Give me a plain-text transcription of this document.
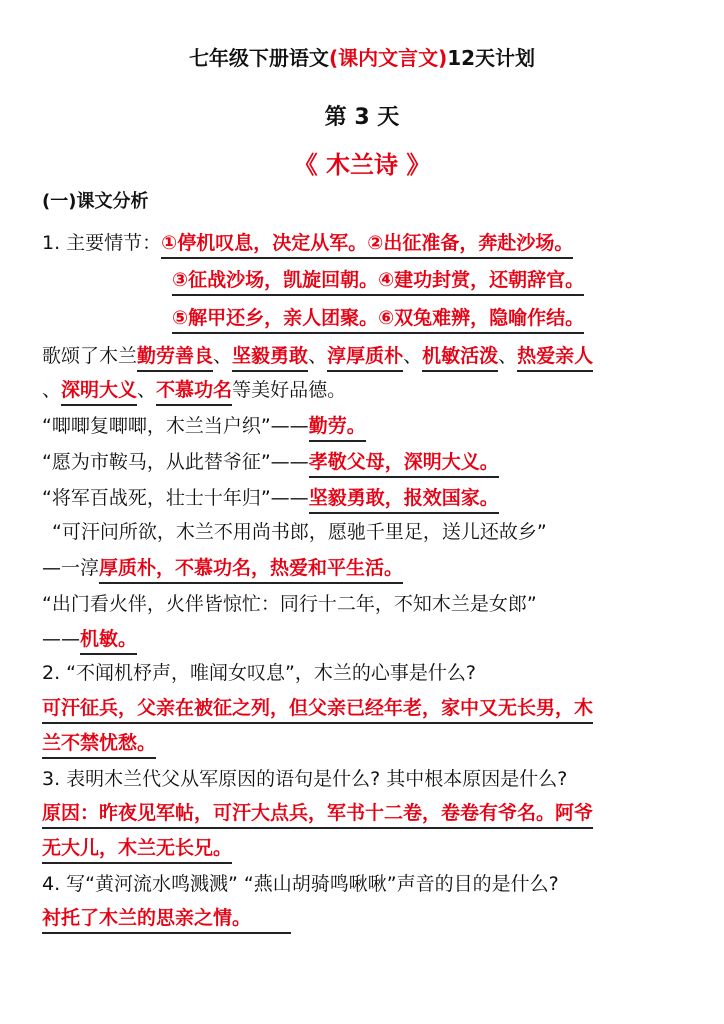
七年级下册语文(课内文言文)12天计划
第 3 天
《 木兰诗 》
(一)课文分析
1. 主要情节：①停机叹息，决定从军。②出征准备，奔赴沙场。
③征战沙场，凯旋回朝。④建功封赏，还朝辞官。
⑤解甲还乡，亲人团聚。⑥双兔难辨，隐喻作结。
歌颂了木兰勤劳善良、坚毅勇敢、淳厚质朴、机敏活泼、热爱亲人
、深明大义、不慕功名等美好品德。
“唧唧复唧唧，木兰当户织”——勤劳。
“愿为市鞍马，从此替爷征”——孝敬父母，深明大义。
“将军百战死，壮士十年归”——坚毅勇敢，报效国家。
“可汗问所欲，木兰不用尚书郎，愿驰千里足，送儿还故乡”
—一淳厚质朴，不慕功名，热爱和平生活。
“出门看火伴，火伴皆惊忙：同行十二年，不知木兰是女郎”
——机敏。
2. “不闻机杼声，唯闻女叹息”，木兰的心事是什么?
可汗征兵，父亲在被征之列，但父亲已经年老，家中又无长男，木
兰不禁忧愁。
3. 表明木兰代父从军原因的语句是什么? 其中根本原因是什么?
原因：昨夜见军帖，可汗大点兵，军书十二卷，卷卷有爷名。阿爷
无大儿，木兰无长兄。
4. 写“黄河流水鸣溅溅” “燕山胡骑鸣啾啾”声音的目的是什么?
衬托了木兰的思亲之情。
